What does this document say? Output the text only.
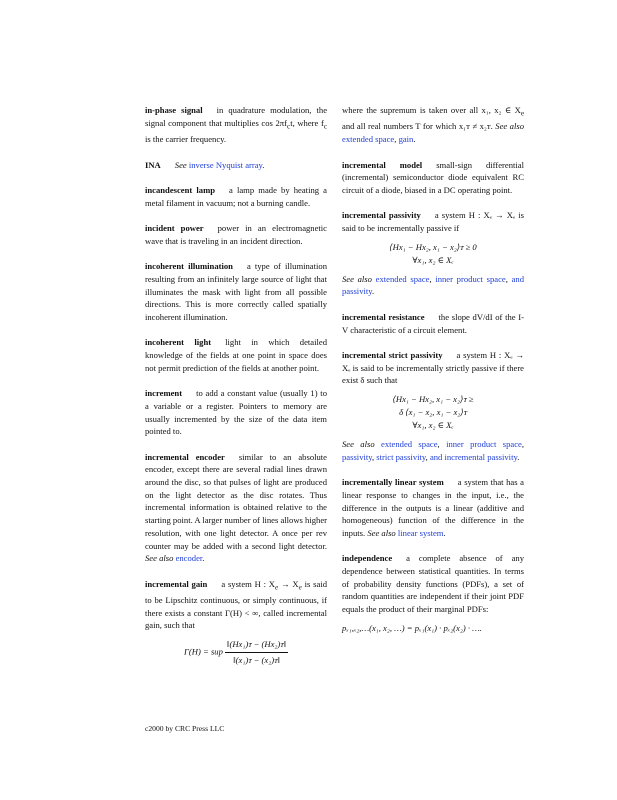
in-phase signal in quadrature modulation, the signal component that multiplies $\cos 2\pi f_ct$, where $f_c$ is the carrier frequency.

INA See inverse Nyquist array.

incandescent lamp a lamp made by heating a metal filament in vacuum; not a burning candle.

incident power power in an electromagnetic wave that is traveling in an incident direction.

incoherent illumination a type of illumination resulting from an infinitely large source of light that illuminates the mask with light from all possible directions. This is more correctly called spatially incoherent illumination.

incoherent light light in which detailed knowledge of the fields at one point in space does not permit prediction of the fields at another point.

increment to add a constant value (usually 1) to a variable or a register. Pointers to memory are usually incremented by the size of the data item pointed to.

incremental encoder similar to an absolute encoder, except there are several radial lines drawn around the disc, so that pulses of light are produced on the light detector as the disc rotates. Thus incremental information is obtained relative to the starting point. A larger number of lines allows higher resolution, with one light detector. A once per rev counter may be added with a second light detector. See also encoder.

incremental gain a system H : $X_e \to X_e$ is said to be Lipschitz continuous, or simply continuous, if there exists a constant Γ(H) < ∞, called incremental gain, such that

Γ(H) = sup $\frac{\text{‖(Hx₁)ᴛ − (Hx₂)ᴛ‖}}{\text{‖(x₁)ᴛ − (x₂)ᴛ‖}}$

where the supremum is taken over all x₁, x₂ ∈ $X_e$ and all real numbers T for which x₁ᴛ ≠ x₂ᴛ. See also extended space, gain.

incremental model small-sign differential (incremental) semiconductor diode equivalent RC circuit of a diode, biased in a DC operating point.

incremental passivity a system H : Xₑ → Xₑ is said to be incrementally passive if

⟨Hx₁ − Hx₂, x₁ − x₂⟩ᴛ ≥ 0
∀x₁, x₂ ∈ Xₑ

See also extended space, inner product space, and passivity.

incremental resistance the slope dV/dI of the I-V characteristic of a circuit element.

incremental strict passivity a system H : Xₑ → Xₑ is said to be incrementally strictly passive if there exist δ such that

⟨Hx₁ − Hx₂, x₁ − x₂⟩ᴛ ≥
δ ⟨x₁ − x₂, x₁ − x₂⟩ᴛ
∀x₁, x₂ ∈ Xₑ

See also extended space, inner product space, passivity, strict passivity, and incremental passivity.

incrementally linear system a system that has a linear response to changes in the input, i.e., the difference in the outputs is a linear (additive and homogeneous) function of the difference in the inputs. See also linear system.

independence a complete absence of any dependence between statistical quantities. In terms of probability density functions (PDFs), a set of random quantities are independent if their joint PDF equals the product of their marginal PDFs:

pₓ₁,ₓ₂,…(x₁, x₂, …) = pₓ₁(x₁) · pₓ₂(x₂) · ….
c2000 by CRC Press LLC
